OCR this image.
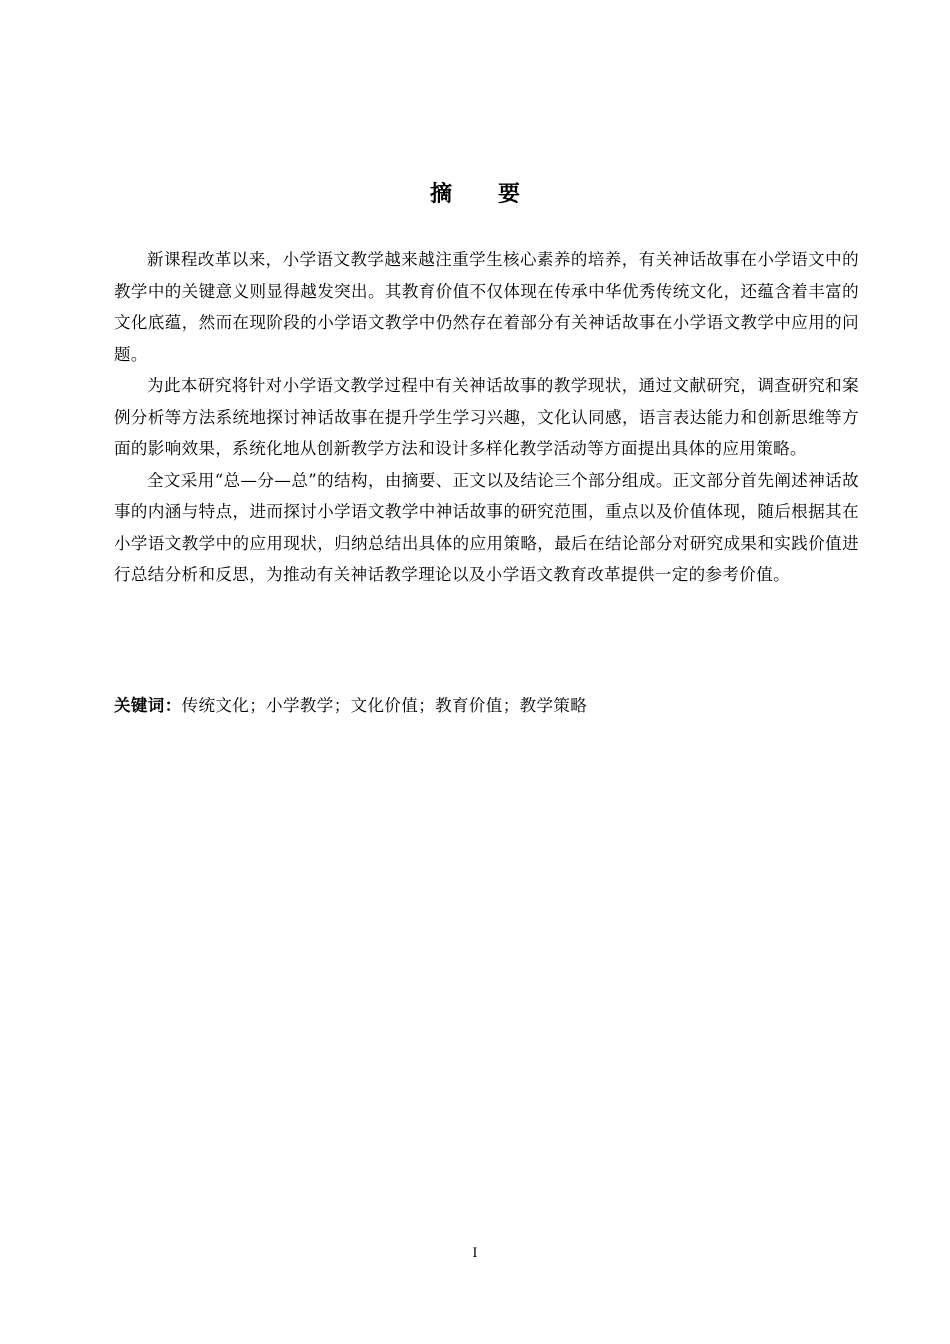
摘 要

新课程改革以来，小学语文教学越来越注重学生核心素养的培养，有关神话故事在小学语文中的教学中的关键意义则显得越发突出。其教育价值不仅体现在传承中华优秀传统文化，还蕴含着丰富的文化底蕴，然而在现阶段的小学语文教学中仍然存在着部分有关神话故事在小学语文教学中应用的问题。

为此本研究将针对小学语文教学过程中有关神话故事的教学现状，通过文献研究，调查研究和案例分析等方法系统地探讨神话故事在提升学生学习兴趣，文化认同感，语言表达能力和创新思维等方面的影响效果，系统化地从创新教学方法和设计多样化教学活动等方面提出具体的应用策略。

全文采用“总—分—总”的结构，由摘要、正文以及结论三个部分组成。正文部分首先阐述神话故事的内涵与特点，进而探讨小学语文教学中神话故事的研究范围，重点以及价值体现，随后根据其在小学语文教学中的应用现状，归纳总结出具体的应用策略，最后在结论部分对研究成果和实践价值进行总结分析和反思，为推动有关神话教学理论以及小学语文教育改革提供一定的参考价值。

关键词：传统文化；小学教学；文化价值；教育价值；教学策略
I
